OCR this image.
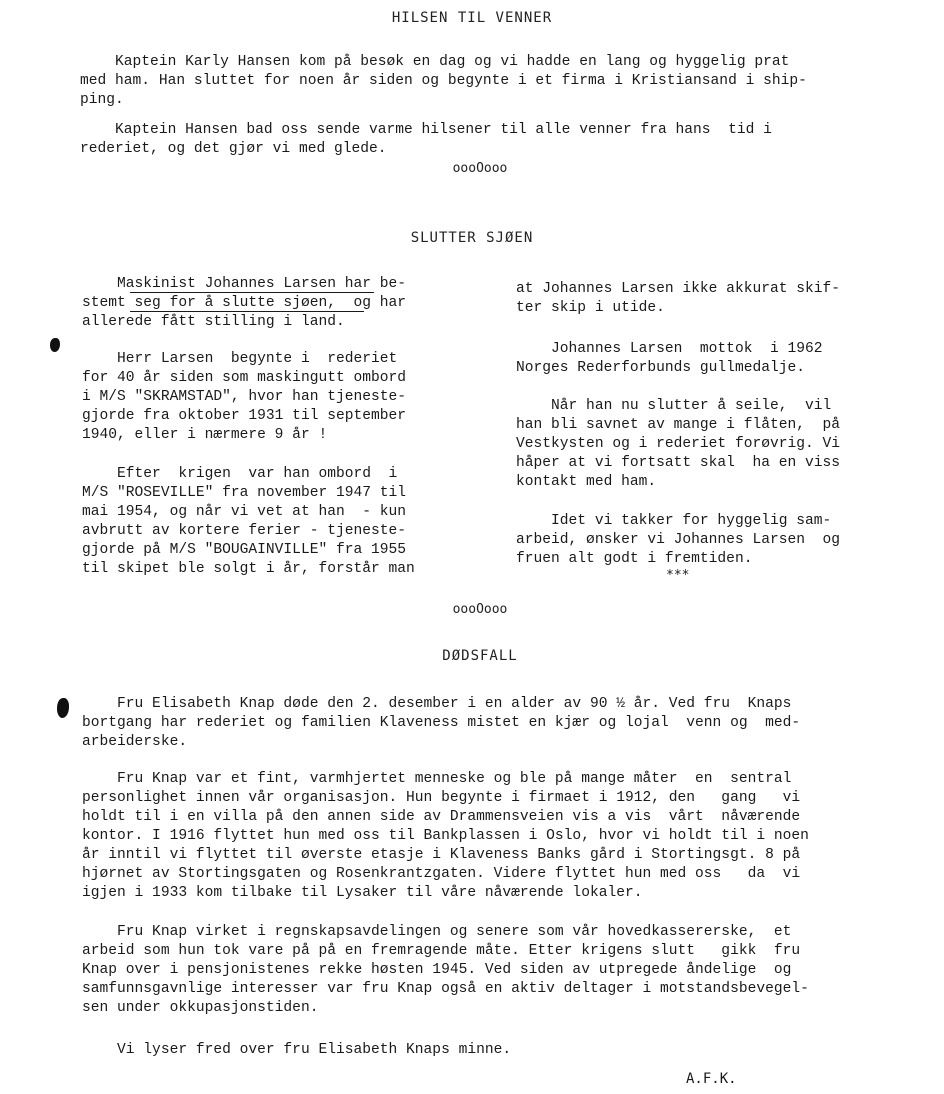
HILSEN TIL VENNER
Kaptein Karly Hansen kom på besøk en dag og vi hadde en lang og hyggelig prat
med ham. Han sluttet for noen år siden og begynte i et firma i Kristiansand i ship-
ping.
Kaptein Hansen bad oss sende varme hilsener til alle venner fra hans  tid i
rederiet, og det gjør vi med glede.
oooOooo
SLUTTER SJØEN
Maskinist Johannes Larsen har be-
stemt seg for å slutte sjøen,  og har
allerede fått stilling i land.
Herr Larsen  begynte i  rederiet
for 40 år siden som maskingutt ombord
i M/S "SKRAMSTAD", hvor han tjeneste-
gjorde fra oktober 1931 til september
1940, eller i nærmere 9 år !
Efter  krigen  var han ombord  i
M/S "ROSEVILLE" fra november 1947 til
mai 1954, og når vi vet at han  - kun
avbrutt av kortere ferier - tjeneste-
gjorde på M/S "BOUGAINVILLE" fra 1955
til skipet ble solgt i år, forstår man
at Johannes Larsen ikke akkurat skif-
ter skip i utide.
Johannes Larsen  mottok  i 1962
Norges Rederforbunds gullmedalje.
Når han nu slutter å seile,  vil
han bli savnet av mange i flåten,  på
Vestkysten og i rederiet forøvrig. Vi
håper at vi fortsatt skal  ha en viss
kontakt med ham.
Idet vi takker for hyggelig sam-
arbeid, ønsker vi Johannes Larsen  og
fruen alt godt i fremtiden.
***
oooOooo
DØDSFALL
Fru Elisabeth Knap døde den 2. desember i en alder av 90 ½ år. Ved fru  Knaps
bortgang har rederiet og familien Klaveness mistet en kjær og lojal  venn og  med-
arbeiderske.
Fru Knap var et fint, varmhjertet menneske og ble på mange måter  en  sentral
personlighet innen vår organisasjon. Hun begynte i firmaet i 1912, den   gang   vi
holdt til i en villa på den annen side av Drammensveien vis a vis  vårt  nåværende
kontor. I 1916 flyttet hun med oss til Bankplassen i Oslo, hvor vi holdt til i noen
år inntil vi flyttet til øverste etasje i Klaveness Banks gård i Stortingsgt. 8 på
hjørnet av Stortingsgaten og Rosenkrantzgaten. Videre flyttet hun med oss   da  vi
igjen i 1933 kom tilbake til Lysaker til våre nåværende lokaler.
Fru Knap virket i regnskapsavdelingen og senere som vår hovedkassererske,  et
arbeid som hun tok vare på på en fremragende måte. Etter krigens slutt   gikk  fru
Knap over i pensjonistenes rekke høsten 1945. Ved siden av utpregede åndelige  og
samfunnsgavnlige interesser var fru Knap også en aktiv deltager i motstandsbevegel-
sen under okkupasjonstiden.
Vi lyser fred over fru Elisabeth Knaps minne.
A.F.K.
